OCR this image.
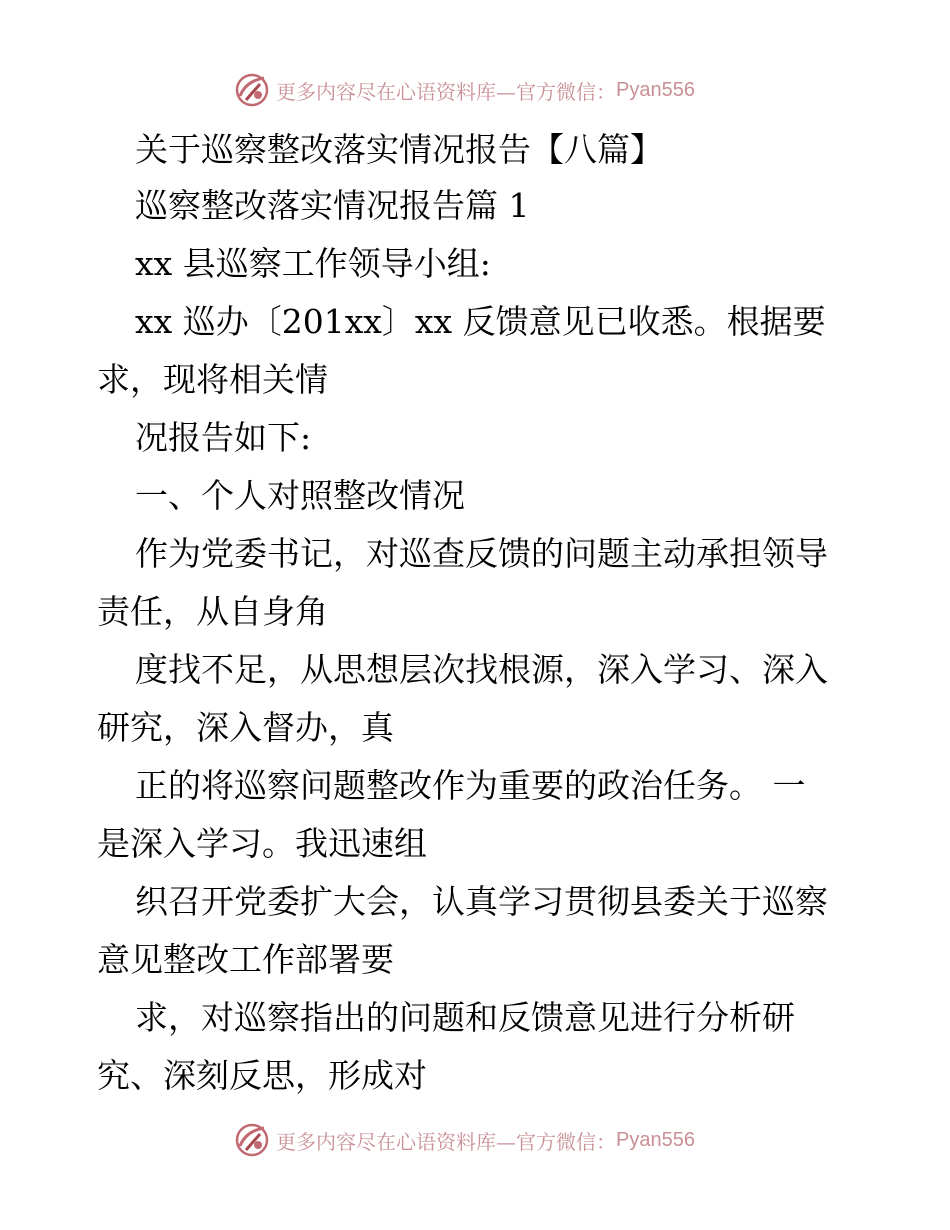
更多内容尽在心语资料库—官方微信： Pyan556
关于巡察整改落实情况报告【八篇】
巡察整改落实情况报告篇 1
xx 县巡察工作领导小组:
xx 巡办〔201xx〕xx 反馈意见已收悉。根据要
求，现将相关情
况报告如下:
一、个人对照整改情况
作为党委书记，对巡查反馈的问题主动承担领导
责任，从自身角
度找不足，从思想层次找根源，深入学习、深入
研究，深入督办，真
正的将巡察问题整改作为重要的政治任务。 一
是深入学习。我迅速组
织召开党委扩大会，认真学习贯彻县委关于巡察
意见整改工作部署要
求，对巡察指出的问题和反馈意见进行分析研
究、深刻反思，形成对
更多内容尽在心语资料库—官方微信： Pyan556
